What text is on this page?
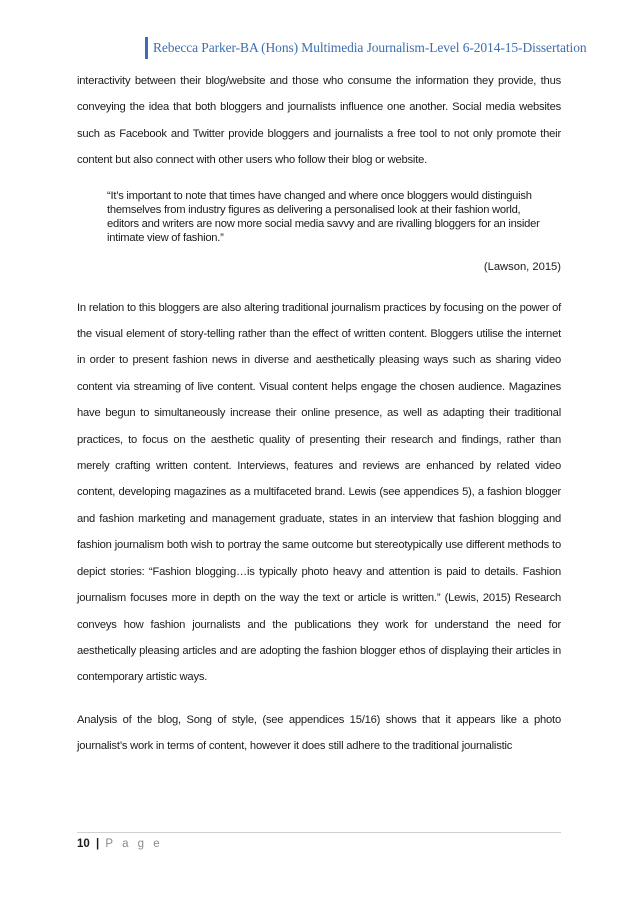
Rebecca Parker-BA (Hons) Multimedia Journalism-Level 6-2014-15-Dissertation

interactivity between their blog/website and those who consume the information they provide, thus conveying the idea that both bloggers and journalists influence one another. Social media websites such as Facebook and Twitter provide bloggers and journalists a free tool to not only promote their content but also connect with other users who follow their blog or website.

“It’s important to note that times have changed and where once bloggers would distinguish themselves from industry figures as delivering a personalised look at their fashion world, editors and writers are now more social media savvy and are rivalling bloggers for an insider intimate view of fashion.”

(Lawson, 2015)

In relation to this bloggers are also altering traditional journalism practices by focusing on the power of the visual element of story-telling rather than the effect of written content. Bloggers utilise the internet in order to present fashion news in diverse and aesthetically pleasing ways such as sharing video content via streaming of live content. Visual content helps engage the chosen audience. Magazines have begun to simultaneously increase their online presence, as well as adapting their traditional practices, to focus on the aesthetic quality of presenting their research and findings, rather than merely crafting written content. Interviews, features and reviews are enhanced by related video content, developing magazines as a multifaceted brand. Lewis (see appendices 5), a fashion blogger and fashion marketing and management graduate, states in an interview that fashion blogging and fashion journalism both wish to portray the same outcome but stereotypically use different methods to depict stories: “Fashion blogging…is typically photo heavy and attention is paid to details. Fashion journalism focuses more in depth on the way the text or article is written.” (Lewis, 2015) Research conveys how fashion journalists and the publications they work for understand the need for aesthetically pleasing articles and are adopting the fashion blogger ethos of displaying their articles in contemporary artistic ways.

Analysis of the blog, Song of style, (see appendices 15/16) shows that it appears like a photo journalist’s work in terms of content, however it does still adhere to the traditional journalistic

10 | P a g e
